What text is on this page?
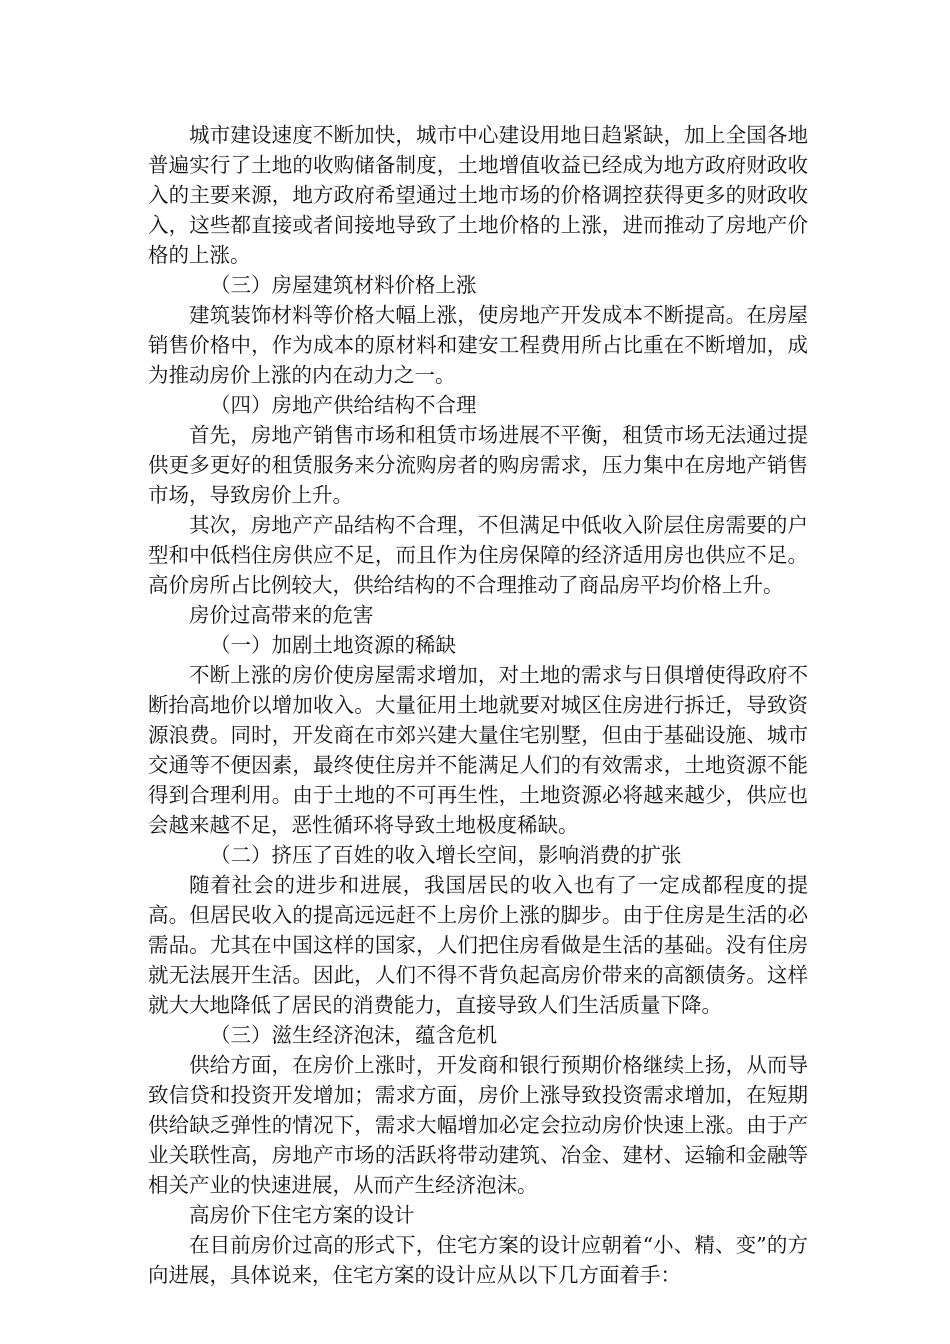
城市建设速度不断加快，城市中心建设用地日趋紧缺，加上全国各地普遍实行了土地的收购储备制度，土地增值收益已经成为地方政府财政收入的主要来源，地方政府希望通过土地市场的价格调控获得更多的财政收入，这些都直接或者间接地导致了土地价格的上涨，进而推动了房地产价格的上涨。

（三）房屋建筑材料价格上涨

建筑装饰材料等价格大幅上涨，使房地产开发成本不断提高。在房屋销售价格中，作为成本的原材料和建安工程费用所占比重在不断增加，成为推动房价上涨的内在动力之一。

（四）房地产供给结构不合理

首先，房地产销售市场和租赁市场进展不平衡，租赁市场无法通过提供更多更好的租赁服务来分流购房者的购房需求，压力集中在房地产销售市场，导致房价上升。

其次，房地产产品结构不合理，不但满足中低收入阶层住房需要的户型和中低档住房供应不足，而且作为住房保障的经济适用房也供应不足。高价房所占比例较大，供给结构的不合理推动了商品房平均价格上升。

房价过高带来的危害

（一）加剧土地资源的稀缺

不断上涨的房价使房屋需求增加，对土地的需求与日俱增使得政府不断抬高地价以增加收入。大量征用土地就要对城区住房进行拆迁，导致资源浪费。同时，开发商在市郊兴建大量住宅别墅，但由于基础设施、城市交通等不便因素，最终使住房并不能满足人们的有效需求，土地资源不能得到合理利用。由于土地的不可再生性，土地资源必将越来越少，供应也会越来越不足，恶性循环将导致土地极度稀缺。

（二）挤压了百姓的收入增长空间，影响消费的扩张

随着社会的进步和进展，我国居民的收入也有了一定成都程度的提高。但居民收入的提高远远赶不上房价上涨的脚步。由于住房是生活的必需品。尤其在中国这样的国家，人们把住房看做是生活的基础。没有住房就无法展开生活。因此，人们不得不背负起高房价带来的高额债务。这样就大大地降低了居民的消费能力，直接导致人们生活质量下降。

（三）滋生经济泡沫，蕴含危机

供给方面，在房价上涨时，开发商和银行预期价格继续上扬，从而导致信贷和投资开发增加；需求方面，房价上涨导致投资需求增加，在短期供给缺乏弹性的情况下，需求大幅增加必定会拉动房价快速上涨。由于产业关联性高，房地产市场的活跃将带动建筑、冶金、建材、运输和金融等相关产业的快速进展，从而产生经济泡沫。

高房价下住宅方案的设计

在目前房价过高的形式下，住宅方案的设计应朝着“小、精、变”的方向进展，具体说来，住宅方案的设计应从以下几方面着手：
